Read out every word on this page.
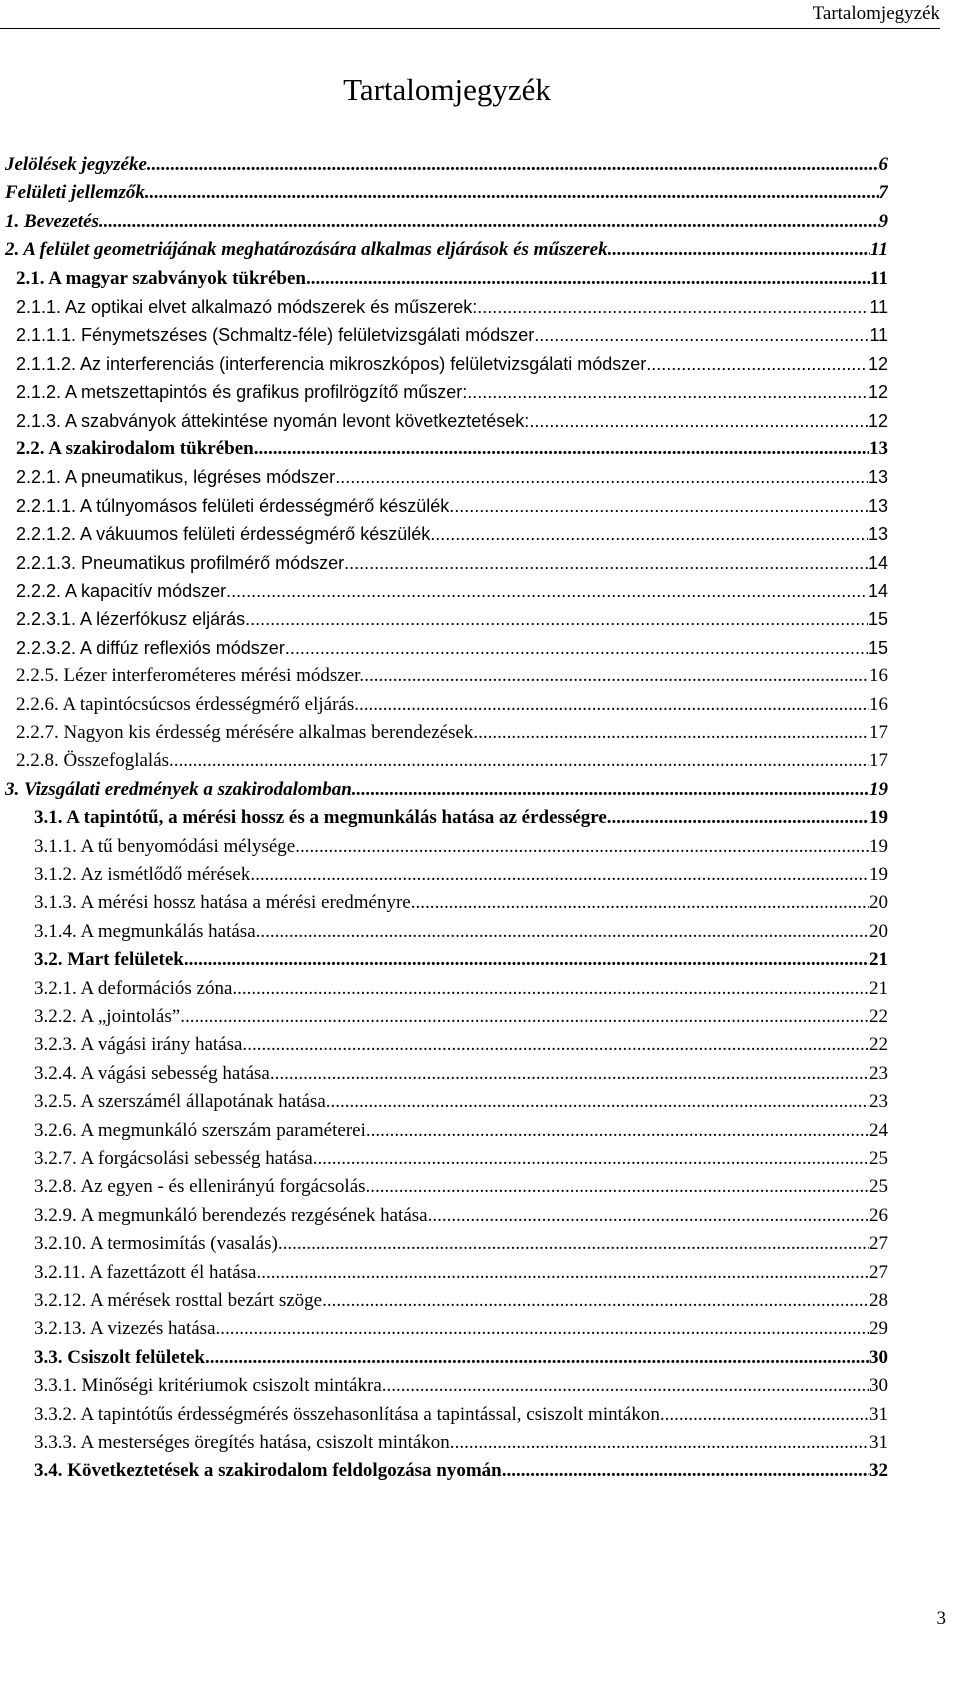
Tartalomjegyzék
Tartalomjegyzék
Jelölések jegyzéke .....	6
Felületi jellemzők .....	7
1. Bevezetés. .....	9
2. A felület geometriájának meghatározására alkalmas eljárások és műszerek .....	11
2.1. A magyar szabványok tükrében .....	11
2.1.1. Az optikai elvet alkalmazó módszerek és műszerek: .....	11
2.1.1.1. Fénymetszéses (Schmaltz-féle) felületvizsgálati módszer .....	11
2.1.1.2. Az interferenciás (interferencia mikroszkópos) felületvizsgálati módszer .....	12
2.1.2. A metszettapintós és grafikus profilrögzítő műszer: .....	12
2.1.3. A szabványok áttekintése nyomán levont következtetések: .....	12
2.2. A szakirodalom tükrében .....	13
2.2.1. A pneumatikus, légréses módszer .....	13
2.2.1.1. A túlnyomásos felületi érdességmérő készülék .....	13
2.2.1.2. A vákuumos felületi érdességmérő készülék .....	13
2.2.1.3. Pneumatikus profilmérő módszer .....	14
2.2.2. A kapacitív módszer .....	14
2.2.3.1. A lézerfókusz eljárás .....	15
2.2.3.2. A diffúz reflexiós módszer .....	15
2.2.5. Lézer interferométeres mérési módszer. .....	16
2.2.6. A tapintócsúcsos érdességmérő eljárás .....	16
2.2.7. Nagyon kis érdesség mérésére alkalmas berendezések .....	17
2.2.8. Összefoglalás .....	17
3. Vizsgálati eredmények a szakirodalomban .....	19
3.1. A tapintótű, a mérési hossz és a megmunkálás hatása az érdességre .....	19
3.1.1. A tű benyomódási mélysége .....	19
3.1.2. Az ismétlődő mérések .....	19
3.1.3. A mérési hossz hatása a mérési eredményre. .....	20
3.1.4. A megmunkálás hatása .....	20
3.2. Mart felületek .....	21
3.2.1. A deformációs zóna. .....	21
3.2.2. A „jointolás” .....	22
3.2.3. A vágási irány hatása. .....	22
3.2.4. A vágási sebesség hatása .....	23
3.2.5. A szerszámél állapotának hatása .....	23
3.2.6. A megmunkáló szerszám paraméterei. .....	24
3.2.7. A forgácsolási sebesség hatása .....	25
3.2.8. Az egyen - és ellenirányú forgácsolás. .....	25
3.2.9. A megmunkáló berendezés rezgésének hatása .....	26
3.2.10. A termosimítás (vasalás) .....	27
3.2.11. A fazettázott él hatása. .....	27
3.2.12. A mérések rosttal bezárt szöge. .....	28
3.2.13. A vizezés hatása .....	29
3.3. Csiszolt felületek .....	30
3.3.1. Minőségi kritériumok csiszolt mintákra .....	30
3.3.2. A tapintótűs érdességmérés összehasonlítása a tapintással, csiszolt mintákon .....	31
3.3.3. A mesterséges öregítés hatása, csiszolt mintákon. .....	31
3.4. Következtetések a szakirodalom feldolgozása nyomán .....	32
3
